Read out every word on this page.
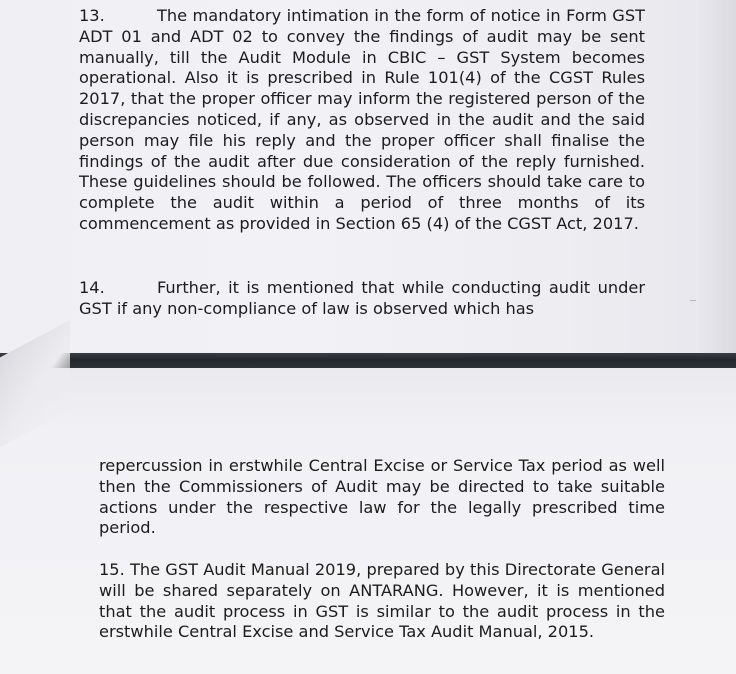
13.	The mandatory intimation in the form of notice in Form GST ADT 01 and ADT 02 to convey the findings of audit may be sent manually, till the Audit Module in CBIC – GST System becomes operational. Also it is prescribed in Rule 101(4) of the CGST Rules 2017, that the proper officer may inform the registered person of the discrepancies noticed, if any, as observed in the audit and the said person may file his reply and the proper officer shall finalise the findings of the audit after due consideration of the reply furnished. These guidelines should be followed. The officers should take care to complete the audit within a period of three months of its commencement as provided in Section 65 (4) of the CGST Act, 2017.

14.	Further, it is mentioned that while conducting audit under GST if any non-compliance of law is observed which has

repercussion in erstwhile Central Excise or Service Tax period as well then the Commissioners of Audit may be directed to take suitable actions under the respective law for the legally prescribed time period.

15. The GST Audit Manual 2019, prepared by this Directorate General will be shared separately on ANTARANG. However, it is mentioned that the audit process in GST is similar to the audit process in the erstwhile Central Excise and Service Tax Audit Manual, 2015.
